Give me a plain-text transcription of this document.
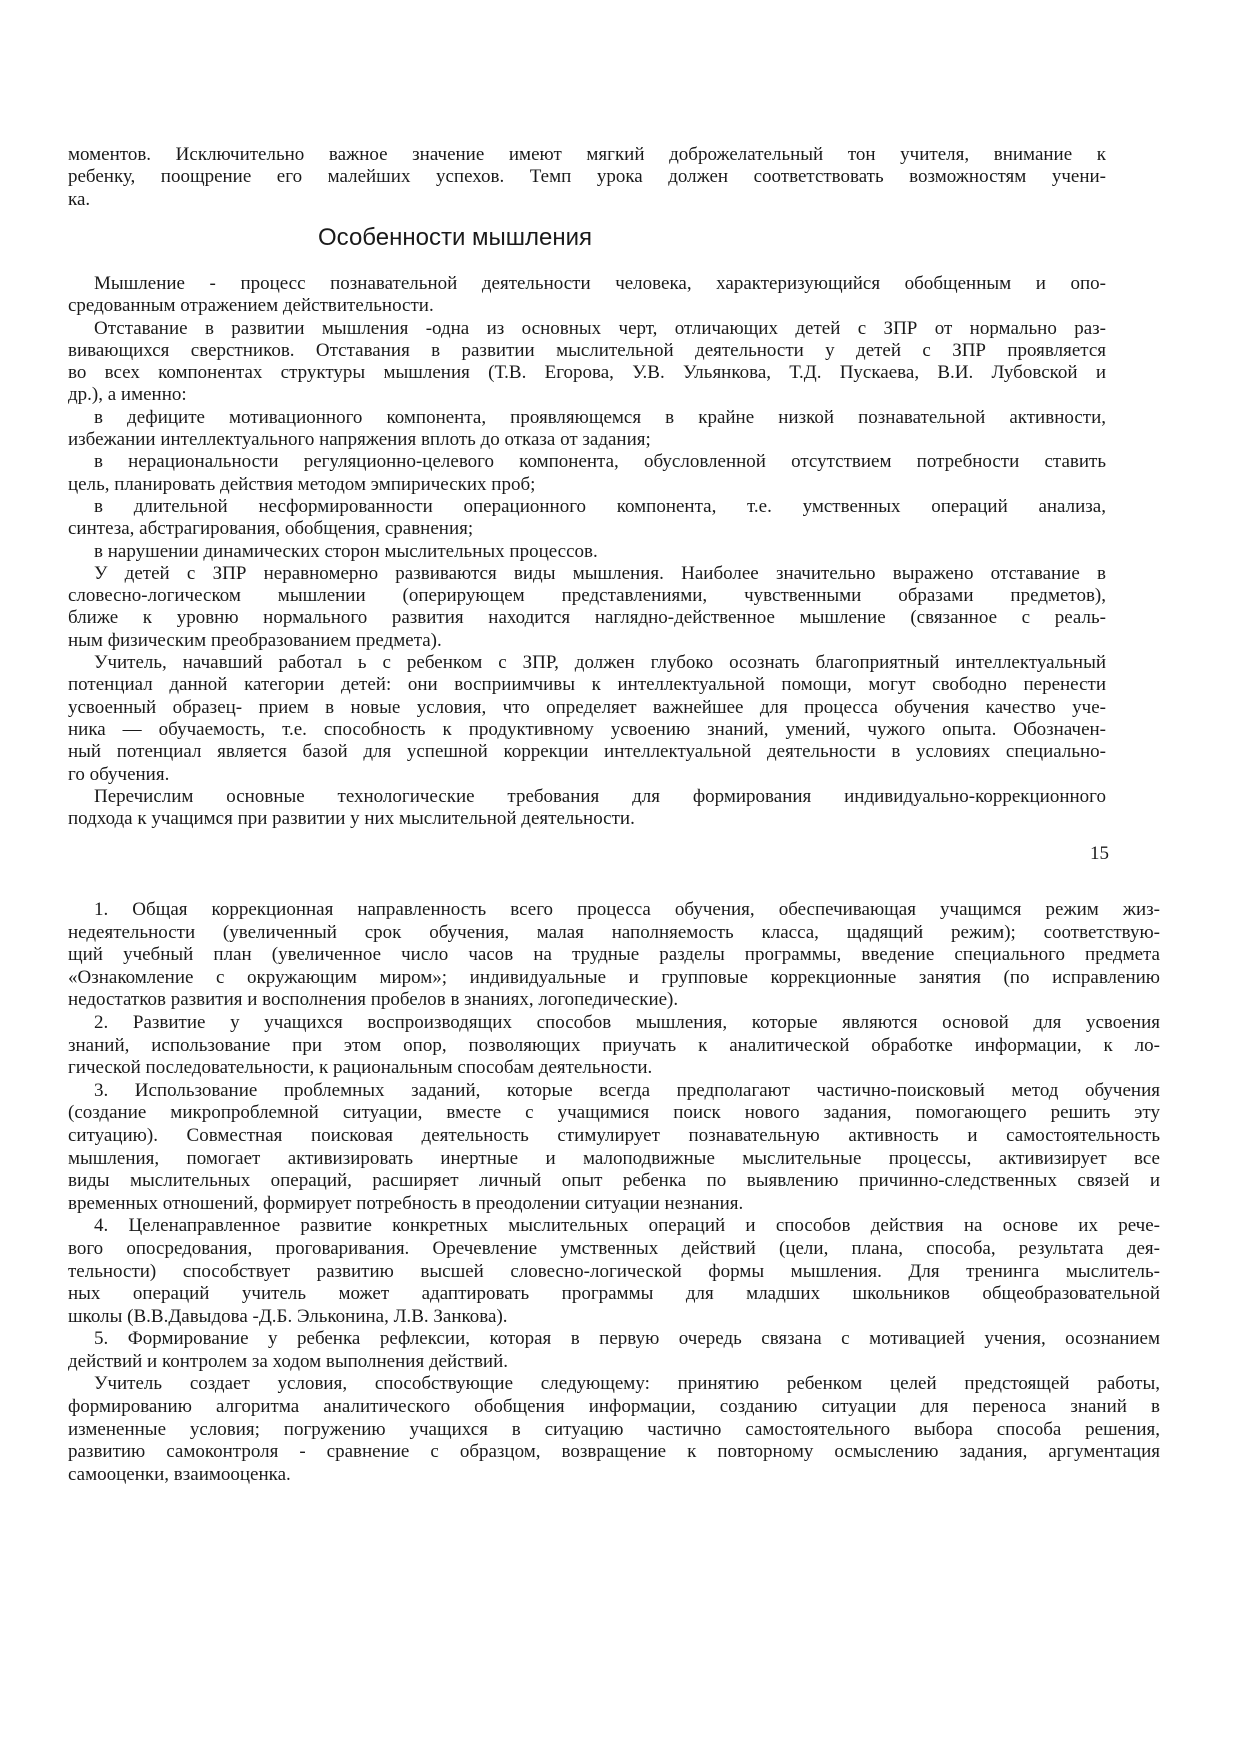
моментов. Исключительно важное значение имеют мягкий доброжелательный тон учителя, внимание к
ребенку, поощрение его малейших успехов. Темп урока должен соответствовать возможностям учени-
ка.
Особенности мышления
Мышление - процесс познавательной деятельности человека, характеризующийся обобщенным и опо-
средованным отражением действительности.
Отставание в развитии мышления -одна из основных черт, отличающих детей с ЗПР от нормально раз-
вивающихся сверстников. Отставания в развитии мыслительной деятельности у детей с ЗПР проявляется
во всех компонентах структуры мышления (Т.В. Егорова, У.В. Ульянкова, Т.Д. Пускаева, В.И. Лубовской и
др.), а именно:
в дефиците мотивационного компонента, проявляющемся в крайне низкой познавательной активности,
избежании интеллектуального напряжения вплоть до отказа от задания;
в нерациональности регуляционно-целевого компонента, обусловленной отсутствием потребности ставить
цель, планировать действия методом эмпирических проб;
в длительной несформированности операционного компонента, т.е. умственных операций анализа,
синтеза, абстрагирования, обобщения, сравнения;
в нарушении динамических сторон мыслительных процессов.
У детей с ЗПР неравномерно развиваются виды мышления. Наиболее значительно выражено отставание в
словесно-логическом мышлении (оперирующем представлениями, чувственными образами предметов),
ближе к уровню нормального развития находится наглядно-действенное мышление (связанное с реаль-
ным физическим преобразованием предмета).
Учитель, начавший работал ь с ребенком с ЗПР, должен глубоко осознать благоприятный интеллектуальный
потенциал данной категории детей: они восприимчивы к интеллектуальной помощи, могут свободно перенести
усвоенный образец- прием в новые условия, что определяет важнейшее для процесса обучения качество уче-
ника — обучаемость, т.е. способность к продуктивному усвоению знаний, умений, чужого опыта. Обозначен-
ный потенциал является базой для успешной коррекции интеллектуальной деятельности в условиях специально-
го обучения.
Перечислим основные технологические требования для формирования индивидуально-коррекционного
подхода к учащимся при развитии у них мыслительной деятельности.
15
1. Общая коррекционная направленность всего процесса обучения, обеспечивающая учащимся режим жиз-
недеятельности (увеличенный срок обучения, малая наполняемость класса, щадящий режим); соответствую-
щий учебный план (увеличенное число часов на трудные разделы программы, введение специального предмета
«Ознакомление с окружающим миром»; индивидуальные и групповые коррекционные занятия (по исправлению
недостатков развития и восполнения пробелов в знаниях, логопедические).
2. Развитие у учащихся воспроизводящих способов мышления, которые являются основой для усвоения
знаний, использование при этом опор, позволяющих приучать к аналитической обработке информации, к ло-
гической последовательности, к рациональным способам деятельности.
3. Использование проблемных заданий, которые всегда предполагают частично-поисковый метод обучения
(создание микропроблемной ситуации, вместе с учащимися поиск нового задания, помогающего решить эту
ситуацию). Совместная поисковая деятельность стимулирует познавательную активность и самостоятельность
мышления, помогает активизировать инертные и малоподвижные мыслительные процессы, активизирует все
виды мыслительных операций, расширяет личный опыт ребенка по выявлению причинно-следственных связей и
временных отношений, формирует потребность в преодолении ситуации незнания.
4. Целенаправленное развитие конкретных мыслительных операций и способов действия на основе их рече-
вого опосредования, проговаривания. Оречевление умственных действий (цели, плана, способа, результата дея-
тельности) способствует развитию высшей словесно-логической формы мышления. Для тренинга мыслитель-
ных операций учитель может адаптировать программы для младших школьников общеобразовательной
школы (В.В.Давыдова -Д.Б. Эльконина, Л.В. Занкова).
5. Формирование у ребенка рефлексии, которая в первую очередь связана с мотивацией учения, осознанием
действий и контролем за ходом выполнения действий.
Учитель создает условия, способствующие следующему: принятию ребенком целей предстоящей работы,
формированию алгоритма аналитического обобщения информации, созданию ситуации для переноса знаний в
измененные условия; погружению учащихся в ситуацию частично самостоятельного выбора способа решения,
развитию самоконтроля - сравнение с образцом, возвращение к повторному осмыслению задания, аргументация
самооценки, взаимооценка.
